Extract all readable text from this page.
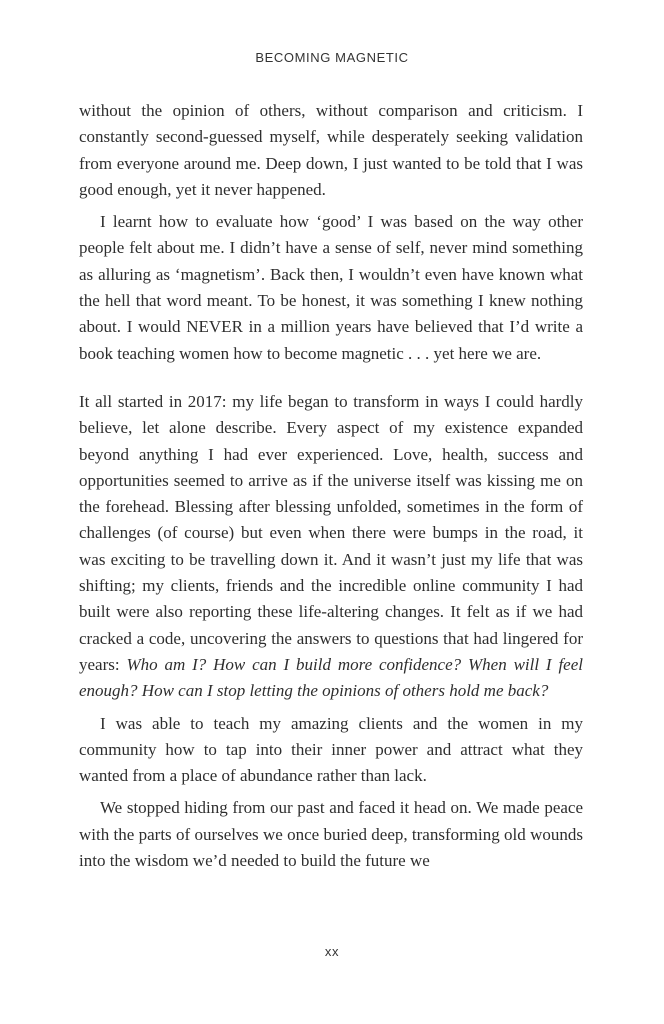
BECOMING MAGNETIC

without the opinion of others, without comparison and criticism. I constantly second-guessed myself, while desperately seeking validation from everyone around me. Deep down, I just wanted to be told that I was good enough, yet it never happened.

I learnt how to evaluate how ‘good’ I was based on the way other people felt about me. I didn’t have a sense of self, never mind something as alluring as ‘magnetism’. Back then, I wouldn’t even have known what the hell that word meant. To be honest, it was something I knew nothing about. I would NEVER in a million years have believed that I’d write a book teaching women how to become magnetic . . . yet here we are.

It all started in 2017: my life began to transform in ways I could hardly believe, let alone describe. Every aspect of my existence expanded beyond anything I had ever experienced. Love, health, success and opportunities seemed to arrive as if the universe itself was kissing me on the forehead. Blessing after blessing unfolded, sometimes in the form of challenges (of course) but even when there were bumps in the road, it was exciting to be travelling down it. And it wasn’t just my life that was shifting; my clients, friends and the incredible online community I had built were also reporting these life-altering changes. It felt as if we had cracked a code, uncovering the answers to questions that had lingered for years: Who am I? How can I build more confidence? When will I feel enough? How can I stop letting the opinions of others hold me back?

I was able to teach my amazing clients and the women in my community how to tap into their inner power and attract what they wanted from a place of abundance rather than lack.

We stopped hiding from our past and faced it head on. We made peace with the parts of ourselves we once buried deep, transforming old wounds into the wisdom we’d needed to build the future we

xx
